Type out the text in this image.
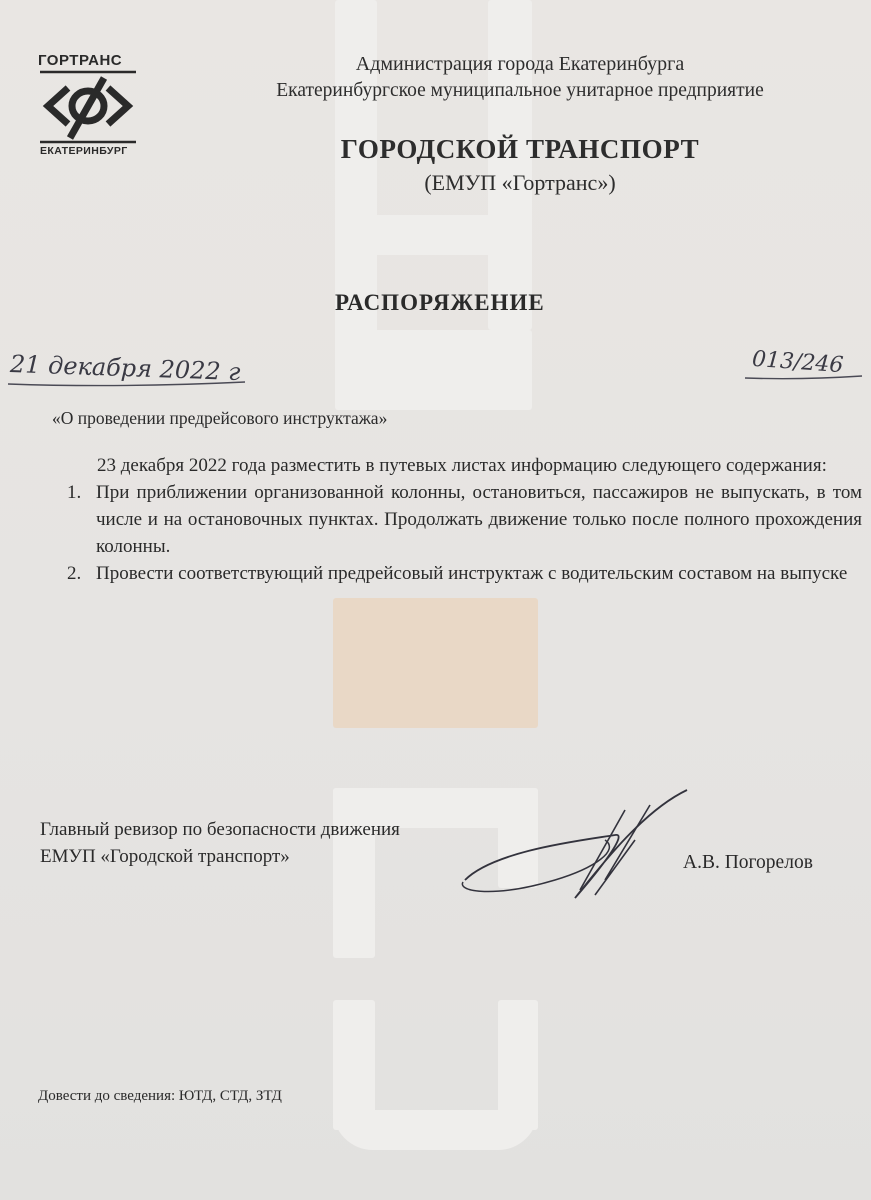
ГОРТРАНС
ЕКАТЕРИНБУРГ
Администрация города Екатеринбурга
Екатеринбургское муниципальное унитарное предприятие
ГОРОДСКОЙ ТРАНСПОРТ
(ЕМУП «Гортранс»)
РАСПОРЯЖЕНИЕ
21 декабря 2022 г	013/246
«О проведении предрейсового инструктажа»

23 декабря 2022 года разместить в путевых листах информацию следующего содержания:

1. При приближении организованной колонны, остановиться, пассажиров не выпускать, в том числе и на остановочных пунктах. Продолжать движение только после полного прохождения колонны.
2. Провести соответствующий предрейсовый инструктаж с водительским составом на выпуске
Главный ревизор по безопасности движения
ЕМУП «Городской транспорт»	А.В. Погорелов
Довести до сведения: ЮТД, СТД, ЗТД
